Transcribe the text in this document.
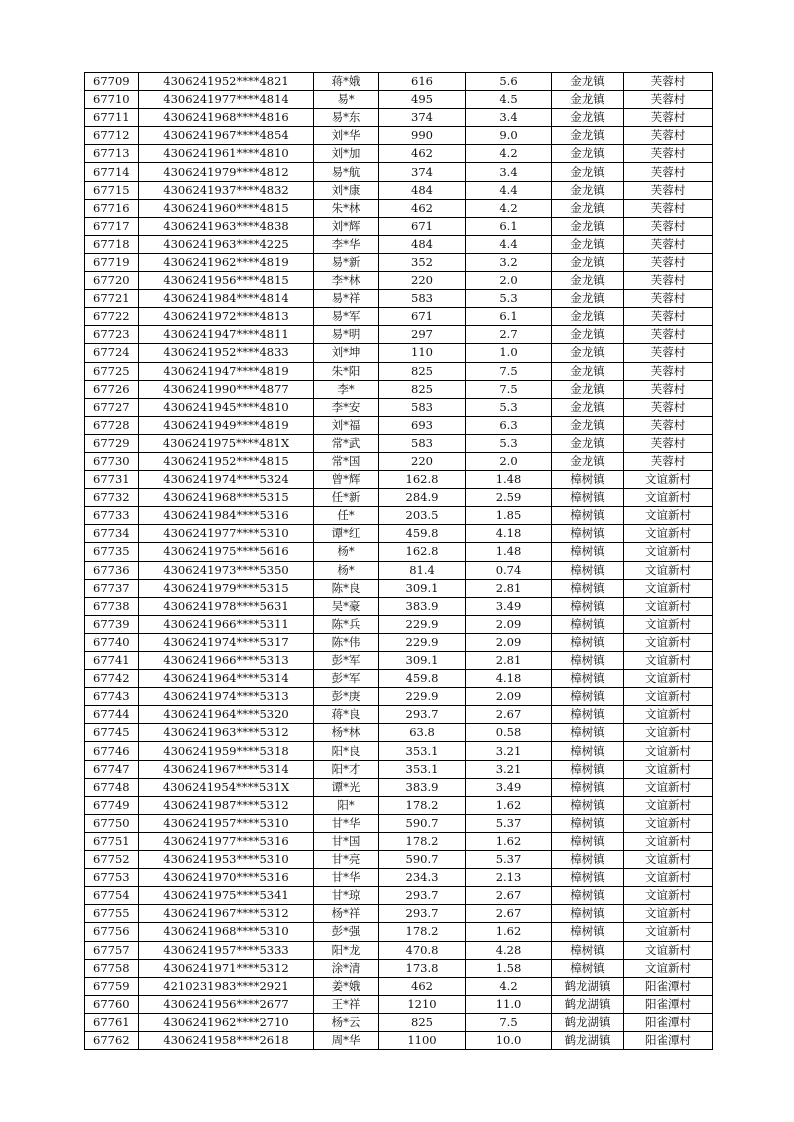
67709	4306241952****4821	蒋*娥	616	5.6	金龙镇	芙蓉村
67710	4306241977****4814	易*	495	4.5	金龙镇	芙蓉村
67711	4306241968****4816	易*东	374	3.4	金龙镇	芙蓉村
67712	4306241967****4854	刘*华	990	9.0	金龙镇	芙蓉村
67713	4306241961****4810	刘*加	462	4.2	金龙镇	芙蓉村
67714	4306241979****4812	易*航	374	3.4	金龙镇	芙蓉村
67715	4306241937****4832	刘*康	484	4.4	金龙镇	芙蓉村
67716	4306241960****4815	朱*林	462	4.2	金龙镇	芙蓉村
67717	4306241963****4838	刘*辉	671	6.1	金龙镇	芙蓉村
67718	4306241963****4225	李*华	484	4.4	金龙镇	芙蓉村
67719	4306241962****4819	易*新	352	3.2	金龙镇	芙蓉村
67720	4306241956****4815	李*林	220	2.0	金龙镇	芙蓉村
67721	4306241984****4814	易*祥	583	5.3	金龙镇	芙蓉村
67722	4306241972****4813	易*军	671	6.1	金龙镇	芙蓉村
67723	4306241947****4811	易*明	297	2.7	金龙镇	芙蓉村
67724	4306241952****4833	刘*坤	110	1.0	金龙镇	芙蓉村
67725	4306241947****4819	朱*阳	825	7.5	金龙镇	芙蓉村
67726	4306241990****4877	李*	825	7.5	金龙镇	芙蓉村
67727	4306241945****4810	李*安	583	5.3	金龙镇	芙蓉村
67728	4306241949****4819	刘*福	693	6.3	金龙镇	芙蓉村
67729	4306241975****481X	常*武	583	5.3	金龙镇	芙蓉村
67730	4306241952****4815	常*国	220	2.0	金龙镇	芙蓉村
67731	4306241974****5324	曾*辉	162.8	1.48	樟树镇	文谊新村
67732	4306241968****5315	任*新	284.9	2.59	樟树镇	文谊新村
67733	4306241984****5316	任*	203.5	1.85	樟树镇	文谊新村
67734	4306241977****5310	谭*红	459.8	4.18	樟树镇	文谊新村
67735	4306241975****5616	杨*	162.8	1.48	樟树镇	文谊新村
67736	4306241973****5350	杨*	81.4	0.74	樟树镇	文谊新村
67737	4306241979****5315	陈*良	309.1	2.81	樟树镇	文谊新村
67738	4306241978****5631	吴*豪	383.9	3.49	樟树镇	文谊新村
67739	4306241966****5311	陈*兵	229.9	2.09	樟树镇	文谊新村
67740	4306241974****5317	陈*伟	229.9	2.09	樟树镇	文谊新村
67741	4306241966****5313	彭*军	309.1	2.81	樟树镇	文谊新村
67742	4306241964****5314	彭*军	459.8	4.18	樟树镇	文谊新村
67743	4306241974****5313	彭*庚	229.9	2.09	樟树镇	文谊新村
67744	4306241964****5320	蒋*良	293.7	2.67	樟树镇	文谊新村
67745	4306241963****5312	杨*林	63.8	0.58	樟树镇	文谊新村
67746	4306241959****5318	阳*良	353.1	3.21	樟树镇	文谊新村
67747	4306241967****5314	阳*才	353.1	3.21	樟树镇	文谊新村
67748	4306241954****531X	谭*光	383.9	3.49	樟树镇	文谊新村
67749	4306241987****5312	阳*	178.2	1.62	樟树镇	文谊新村
67750	4306241957****5310	甘*华	590.7	5.37	樟树镇	文谊新村
67751	4306241977****5316	甘*国	178.2	1.62	樟树镇	文谊新村
67752	4306241953****5310	甘*亮	590.7	5.37	樟树镇	文谊新村
67753	4306241970****5316	甘*华	234.3	2.13	樟树镇	文谊新村
67754	4306241975****5341	甘*琼	293.7	2.67	樟树镇	文谊新村
67755	4306241967****5312	杨*祥	293.7	2.67	樟树镇	文谊新村
67756	4306241968****5310	彭*强	178.2	1.62	樟树镇	文谊新村
67757	4306241957****5333	阳*龙	470.8	4.28	樟树镇	文谊新村
67758	4306241971****5312	涂*清	173.8	1.58	樟树镇	文谊新村
67759	4210231983****2921	姜*娥	462	4.2	鹤龙湖镇	阳雀潭村
67760	4306241956****2677	王*祥	1210	11.0	鹤龙湖镇	阳雀潭村
67761	4306241962****2710	杨*云	825	7.5	鹤龙湖镇	阳雀潭村
67762	4306241958****2618	周*华	1100	10.0	鹤龙湖镇	阳雀潭村
